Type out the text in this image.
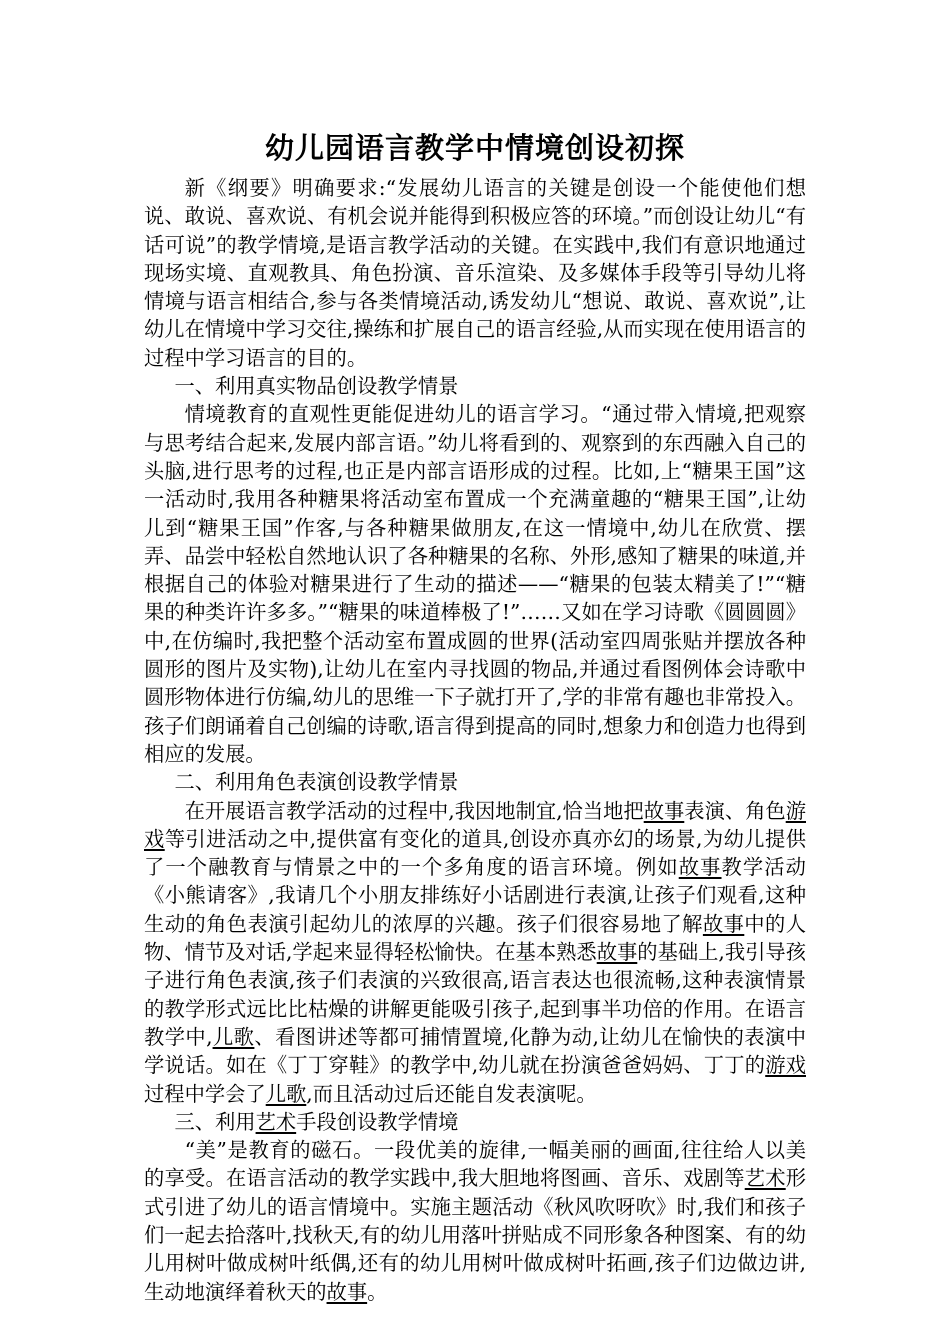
幼儿园语言教学中情境创设初探

新《纲要》明确要求:“发展幼儿语言的关键是创设一个能使他们想说、敢说、喜欢说、有机会说并能得到积极应答的环境。”而创设让幼儿“有话可说”的教学情境,是语言教学活动的关键。在实践中,我们有意识地通过现场实境、直观教具、角色扮演、音乐渲染、及多媒体手段等引导幼儿将情境与语言相结合,参与各类情境活动,诱发幼儿“想说、敢说、喜欢说”,让幼儿在情境中学习交往,操练和扩展自己的语言经验,从而实现在使用语言的过程中学习语言的目的。

一、利用真实物品创设教学情景

情境教育的直观性更能促进幼儿的语言学习。“通过带入情境,把观察与思考结合起来,发展内部言语。”幼儿将看到的、观察到的东西融入自己的头脑,进行思考的过程,也正是内部言语形成的过程。比如,上“糖果王国”这一活动时,我用各种糖果将活动室布置成一个充满童趣的“糖果王国”,让幼儿到“糖果王国”作客,与各种糖果做朋友,在这一情境中,幼儿在欣赏、摆弄、品尝中轻松自然地认识了各种糖果的名称、外形,感知了糖果的味道,并根据自己的体验对糖果进行了生动的描述——“糖果的包装太精美了!”“糖果的种类许许多多。”“糖果的味道棒极了!”……又如在学习诗歌《圆圆圆》中,在仿编时,我把整个活动室布置成圆的世界(活动室四周张贴并摆放各种圆形的图片及实物),让幼儿在室内寻找圆的物品,并通过看图例体会诗歌中圆形物体进行仿编,幼儿的思维一下子就打开了,学的非常有趣也非常投入。孩子们朗诵着自己创编的诗歌,语言得到提高的同时,想象力和创造力也得到相应的发展。

二、利用角色表演创设教学情景

在开展语言教学活动的过程中,我因地制宜,恰当地把故事表演、角色游戏等引进活动之中,提供富有变化的道具,创设亦真亦幻的场景,为幼儿提供了一个融教育与情景之中的一个多角度的语言环境。例如故事教学活动《小熊请客》,我请几个小朋友排练好小话剧进行表演,让孩子们观看,这种生动的角色表演引起幼儿的浓厚的兴趣。孩子们很容易地了解故事中的人物、情节及对话,学起来显得轻松愉快。在基本熟悉故事的基础上,我引导孩子进行角色表演,孩子们表演的兴致很高,语言表达也很流畅,这种表演情景的教学形式远比比枯燥的讲解更能吸引孩子,起到事半功倍的作用。在语言教学中,儿歌、看图讲述等都可捕情置境,化静为动,让幼儿在愉快的表演中学说话。如在《丁丁穿鞋》的教学中,幼儿就在扮演爸爸妈妈、丁丁的游戏过程中学会了儿歌,而且活动过后还能自发表演呢。

三、利用艺术手段创设教学情境

“美”是教育的磁石。一段优美的旋律,一幅美丽的画面,往往给人以美的享受。在语言活动的教学实践中,我大胆地将图画、音乐、戏剧等艺术形式引进了幼儿的语言情境中。实施主题活动《秋风吹呀吹》时,我们和孩子们一起去拾落叶,找秋天,有的幼儿用落叶拼贴成不同形象各种图案、有的幼儿用树叶做成树叶纸偶,还有的幼儿用树叶做成树叶拓画,孩子们边做边讲,生动地演绎着秋天的故事。
